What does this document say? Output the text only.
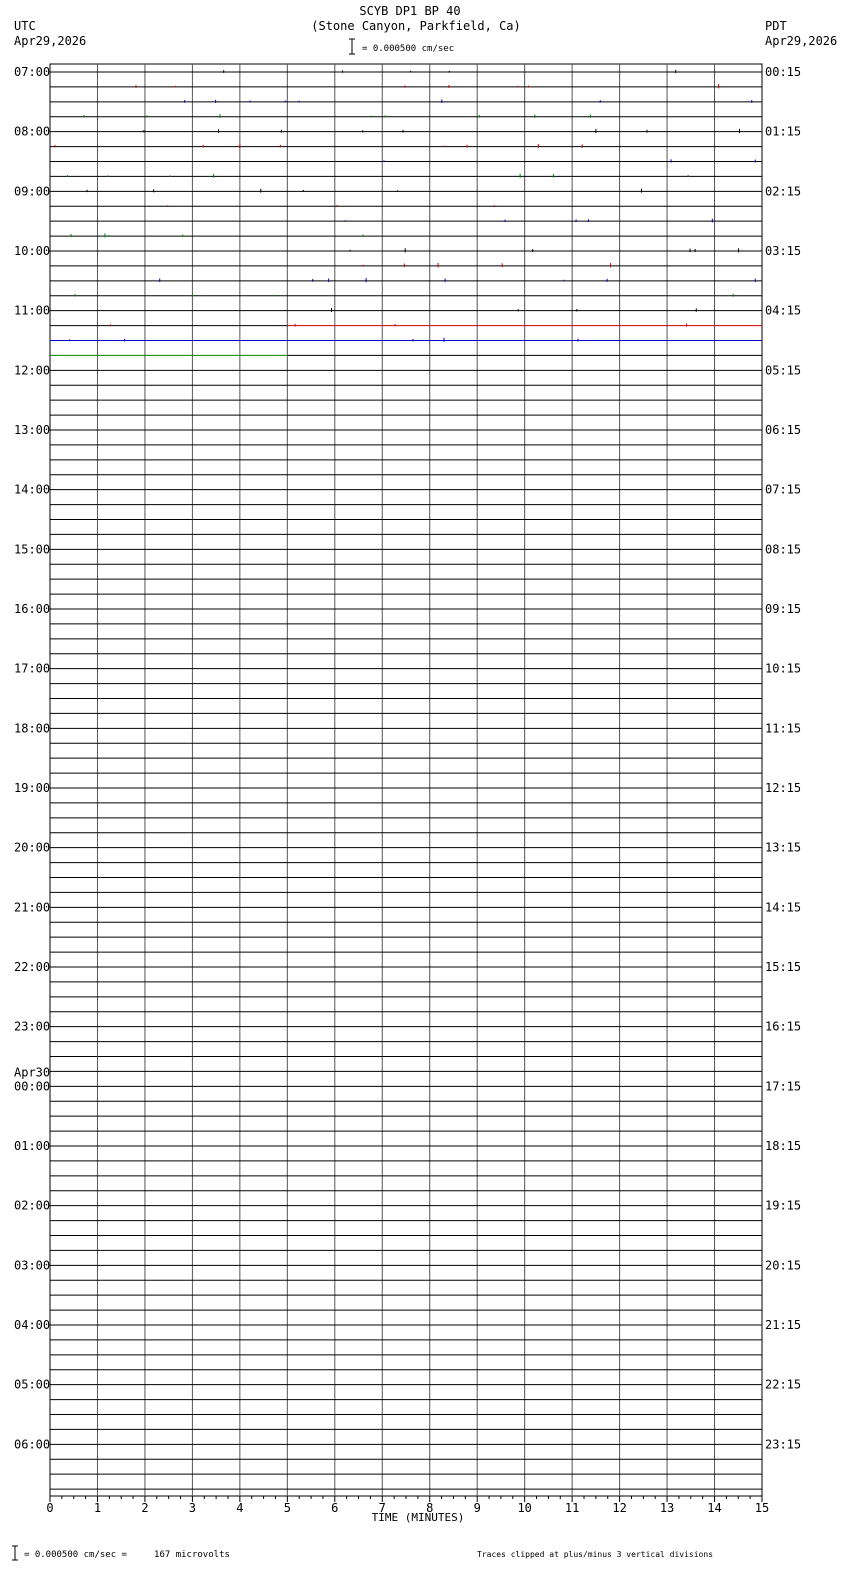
SCYB DP1 BP 40
(Stone Canyon, Parkfield, Ca)
UTC
Apr29,2026
PDT
Apr29,2026
= 0.000500 cm/sec
= 0.000500 cm/sec =     167 microvolts	Traces clipped at plus/minus 3 vertical divisions
07:00	00:15
08:00	01:15
09:00	02:15
10:00	03:15
11:00	04:15
12:00	05:15
13:00	06:15
14:00	07:15
15:00	08:15
16:00	09:15
17:00	10:15
18:00	11:15
19:00	12:15
20:00	13:15
21:00	14:15
22:00	15:15
23:00	16:15
00:00	17:15
01:00	18:15
02:00	19:15
03:00	20:15
04:00	21:15
05:00	22:15
06:00	23:15
Apr30
0	1	2	3	4	5	6	7	8	9	10	11	12	13	14	15
TIME (MINUTES)
